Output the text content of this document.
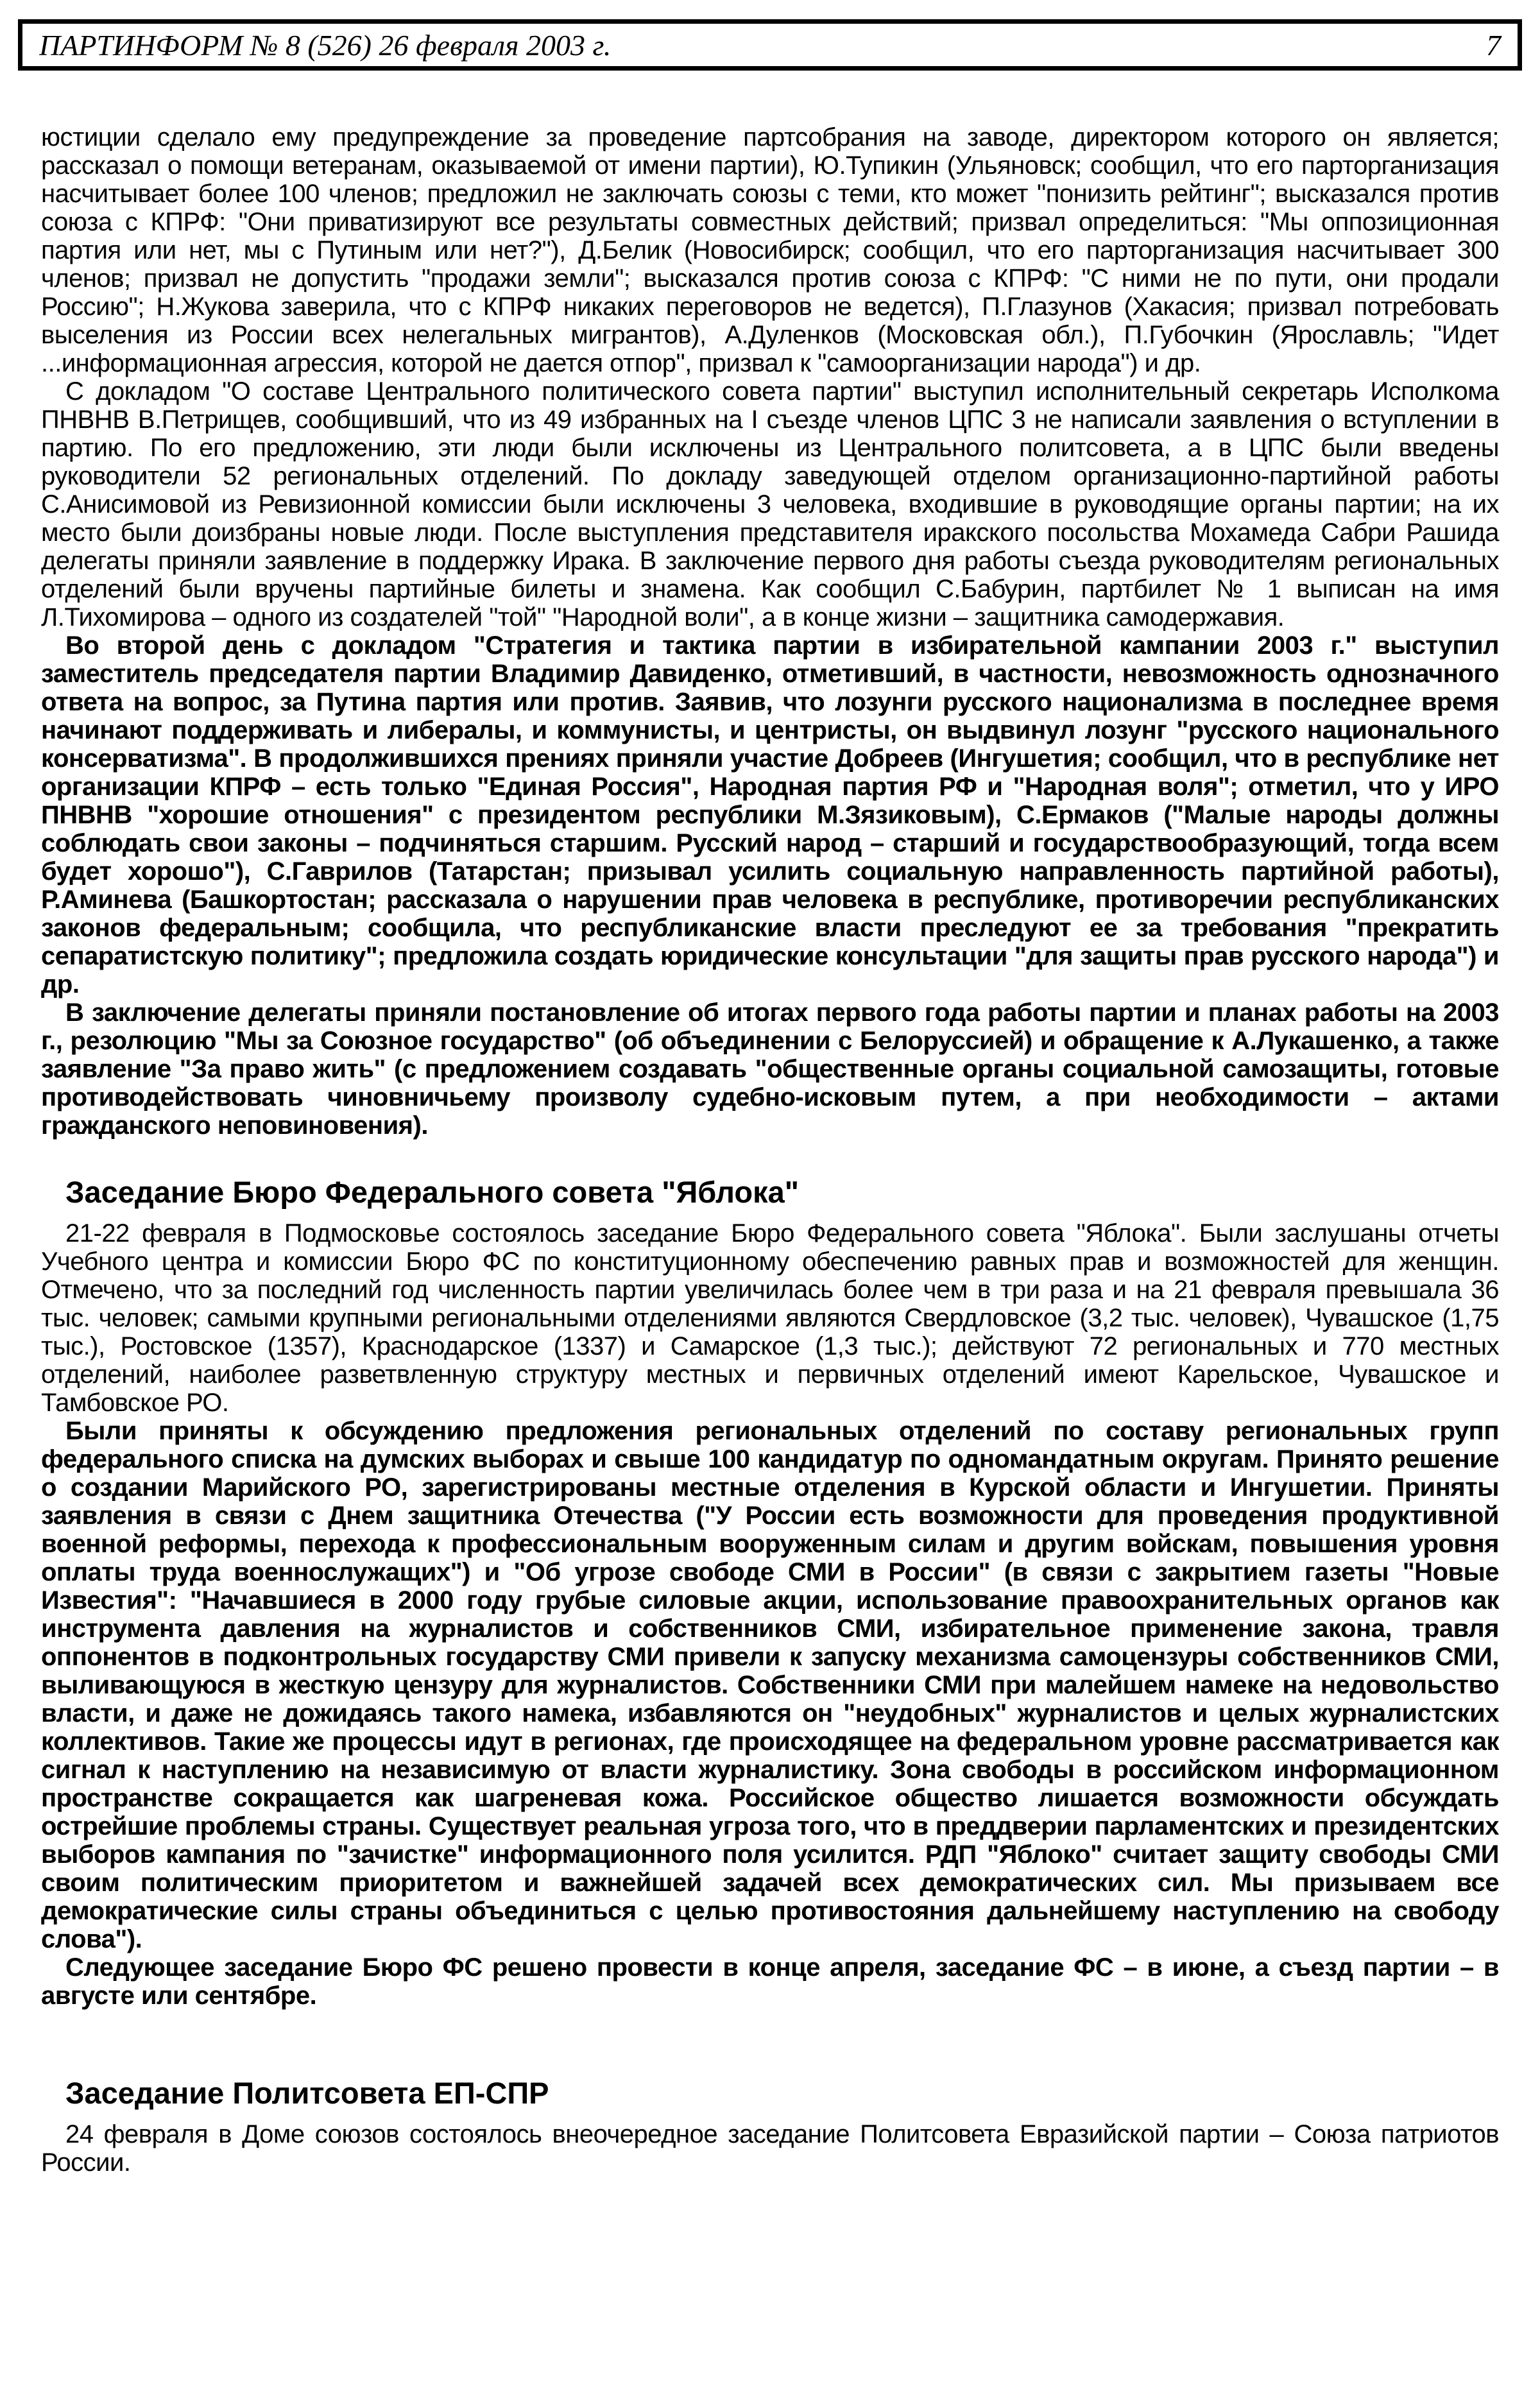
ПАРТИНФОРМ № 8 (526) 26 февраля 2003 г.	7

юстиции сделало ему предупреждение за проведение партсобрания на заводе, директором которого он является; рассказал о помощи ветеранам, оказываемой от имени партии), Ю.Тупикин (Ульяновск; сообщил, что его парторганизация насчитывает более 100 членов; предложил не заключать союзы с теми, кто может "понизить рейтинг"; высказался против союза с КПРФ: "Они приватизируют все результаты совместных действий; призвал определиться: "Мы оппозиционная партия или нет, мы с Путиным или нет?"), Д.Белик (Новосибирск; сообщил, что его парторганизация насчитывает 300 членов; призвал не допустить "продажи земли"; высказался против союза с КПРФ: "С ними не по пути, они продали Россию"; Н.Жукова заверила, что с КПРФ никаких переговоров не ведется), П.Глазунов (Хакасия; призвал потребовать выселения из России всех нелегальных мигрантов), А.Дуленков (Московская обл.), П.Губочкин (Ярославль; "Идет ...информационная агрессия, которой не дается отпор", призвал к "самоорганизации народа") и др.

С докладом "О составе Центрального политического совета партии" выступил исполнительный секретарь Исполкома ПНВНВ В.Петрищев, сообщивший, что из 49 избранных на I съезде членов ЦПС 3 не написали заявления о вступлении в партию. По его предложению, эти люди были исключены из Центрального политсовета, а в ЦПС были введены руководители 52 региональных отделений. По докладу заведующей отделом организационно-партийной работы С.Анисимовой из Ревизионной комиссии были исключены 3 человека, входившие в руководящие органы партии; на их место были доизбраны новые люди. После выступления представителя иракского посольства Мохамеда Сабри Рашида делегаты приняли заявление в поддержку Ирака. В заключение первого дня работы съезда руководителям региональных отделений были вручены партийные билеты и знамена. Как сообщил С.Бабурин, партбилет № 1 выписан на имя Л.Тихомирова – одного из создателей "той" "Народной воли", а в конце жизни – защитника самодержавия.

Во второй день с докладом "Стратегия и тактика партии в избирательной кампании 2003 г." выступил заместитель председателя партии Владимир Давиденко, отметивший, в частности, невозможность однозначного ответа на вопрос, за Путина партия или против. Заявив, что лозунги русского национализма в последнее время начинают поддерживать и либералы, и коммунисты, и центристы, он выдвинул лозунг "русского национального консерватизма". В продолжившихся прениях приняли участие Добреев (Ингушетия; сообщил, что в республике нет организации КПРФ – есть только "Единая Россия", Народная партия РФ и "Народная воля"; отметил, что у ИРО ПНВНВ "хорошие отношения" с президентом республики М.Зязиковым), С.Ермаков ("Малые народы должны соблюдать свои законы – подчиняться старшим. Русский народ – старший и государствообразующий, тогда всем будет хорошо"), С.Гаврилов (Татарстан; призывал усилить социальную направленность партийной работы), Р.Аминева (Башкортостан; рассказала о нарушении прав человека в республике, противоречии республиканских законов федеральным; сообщила, что республиканские власти преследуют ее за требования "прекратить сепаратистскую политику"; предложила создать юридические консультации "для защиты прав русского народа") и др.

В заключение делегаты приняли постановление об итогах первого года работы партии и планах работы на 2003 г., резолюцию "Мы за Союзное государство" (об объединении с Белоруссией) и обращение к А.Лукашенко, а также заявление "За право жить" (с предложением создавать "общественные органы социальной самозащиты, готовые противодействовать чиновничьему произволу судебно-исковым путем, а при необходимости – актами гражданского неповиновения).

Заседание Бюро Федерального совета "Яблока"

21-22 февраля в Подмосковье состоялось заседание Бюро Федерального совета "Яблока". Были заслушаны отчеты Учебного центра и комиссии Бюро ФС по конституционному обеспечению равных прав и возможностей для женщин. Отмечено, что за последний год численность партии увеличилась более чем в три раза и на 21 февраля превышала 36 тыс. человек; самыми крупными региональными отделениями являются Свердловское (3,2 тыс. человек), Чувашское (1,75 тыс.), Ростовское (1357), Краснодарское (1337) и Самарское (1,3 тыс.); действуют 72 региональных и 770 местных отделений, наиболее разветвленную структуру местных и первичных отделений имеют Карельское, Чувашское и Тамбовское РО.

Были приняты к обсуждению предложения региональных отделений по составу региональных групп федерального списка на думских выборах и свыше 100 кандидатур по одномандатным округам. Принято решение о создании Марийского РО, зарегистрированы местные отделения в Курской области и Ингушетии. Приняты заявления в связи с Днем защитника Отечества ("У России есть возможности для проведения продуктивной военной реформы, перехода к профессиональным вооруженным силам и другим войскам, повышения уровня оплаты труда военнослужащих") и "Об угрозе свободе СМИ в России" (в связи с закрытием газеты "Новые Известия": "Начавшиеся в 2000 году грубые силовые акции, использование правоохранительных органов как инструмента давления на журналистов и собственников СМИ, избирательное применение закона, травля оппонентов в подконтрольных государству СМИ привели к запуску механизма самоцензуры собственников СМИ, выливающуюся в жесткую цензуру для журналистов. Собственники СМИ при малейшем намеке на недовольство власти, и даже не дожидаясь такого намека, избавляются он "неудобных" журналистов и целых журналистских коллективов. Такие же процессы идут в регионах, где происходящее на федеральном уровне рассматривается как сигнал к наступлению на независимую от власти журналистику. Зона свободы в российском информационном пространстве сокращается как шагреневая кожа. Российское общество лишается возможности обсуждать острейшие проблемы страны. Существует реальная угроза того, что в преддверии парламентских и президентских выборов кампания по "зачистке" информационного поля усилится. РДП "Яблоко" считает защиту свободы СМИ своим политическим приоритетом и важнейшей задачей всех демократических сил. Мы призываем все демократические силы страны объединиться с целью противостояния дальнейшему наступлению на свободу слова").

Следующее заседание Бюро ФС решено провести в конце апреля, заседание ФС – в июне, а съезд партии – в августе или сентябре.

Заседание Политсовета ЕП-СПР

24 февраля в Доме союзов состоялось внеочередное заседание Политсовета Евразийской партии – Союза патриотов России.
